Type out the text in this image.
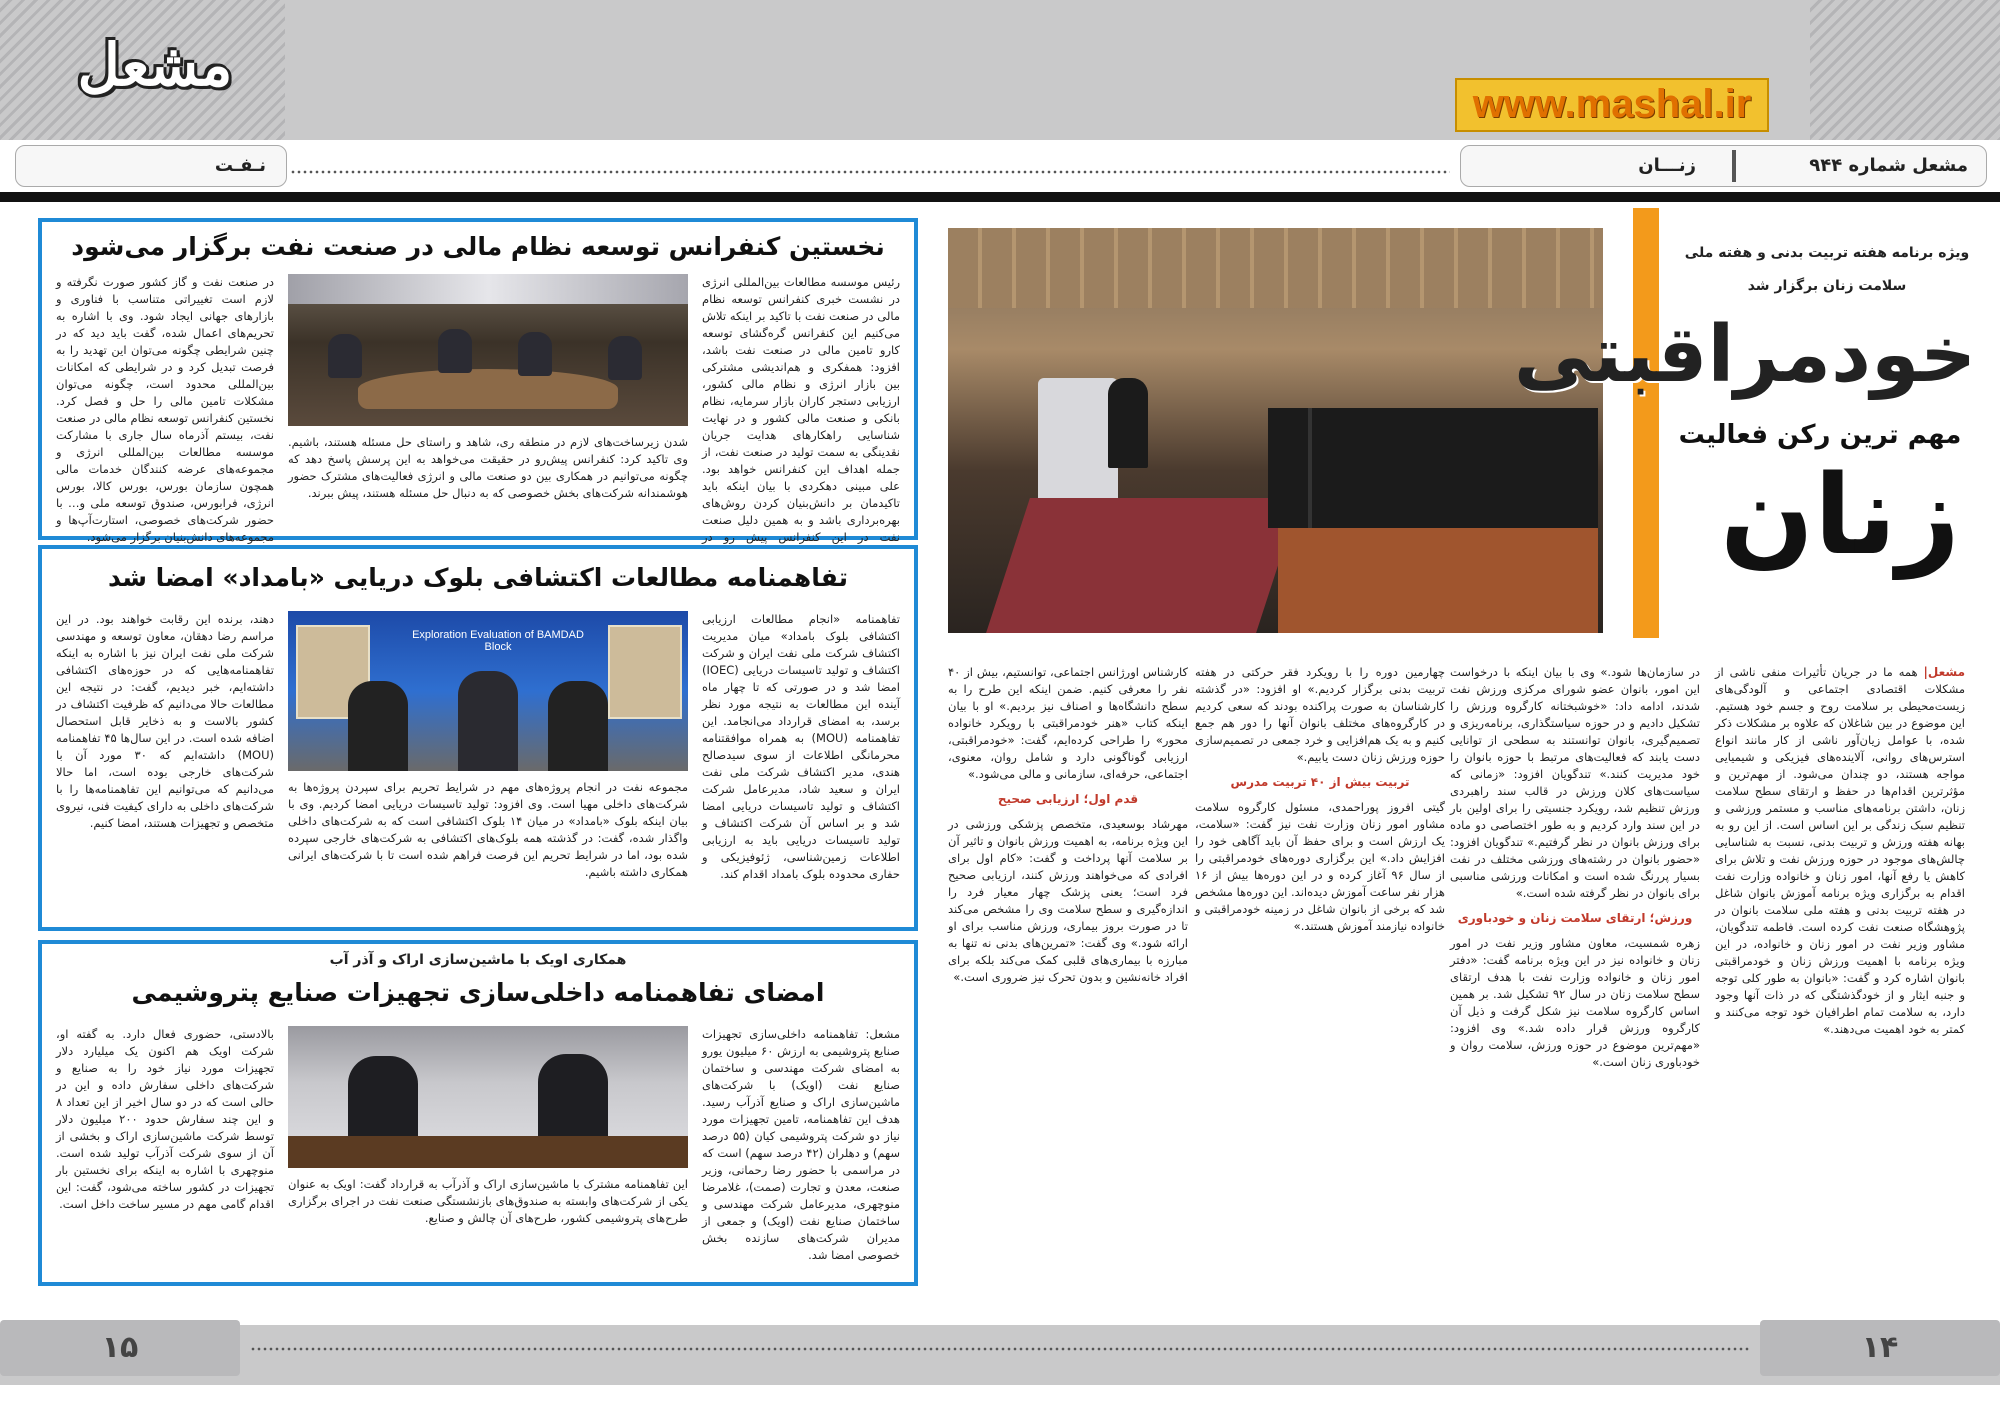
مشعل
www.mashal.ir
مشعل شماره ۹۴۴
زنـــان
نـفـت
نخستین کنفرانس توسعه نظام مالی در صنعت نفت برگزار می‌شود
رئیس موسسه مطالعات بین‌المللی انرژی در نشست خبری کنفرانس توسعه نظام مالی در صنعت نفت با تاکید بر اینکه تلاش می‌کنیم این کنفرانس گره‌گشای توسعه کارو تامین مالی در صنعت نفت باشد، افزود: همفکری و هم‌اندیشی مشترکی بین بازار انرژی و نظام مالی کشور، ارزیابی دستجر کاران بازار سرمایه، نظام بانکی و صنعت مالی کشور و در نهایت شناسایی راهکارهای هدایت جریان نقدینگی به سمت تولید در صنعت نفت، از جمله اهداف این کنفرانس خواهد بود. علی مبینی دهکردی با بیان اینکه باید تاکیدمان بر دانش‌بنیان کردن روش‌های بهره‌برداری باشد و به همین دلیل صنعت نفت در این کنفرانس پیش رو در
شدن زیرساخت‌های لازم در منطقه ری، شاهد و راستای حل مسئله هستند، باشیم. وی تاکید کرد: کنفرانس پیش‌رو در حقیقت می‌خواهد به این پرسش پاسخ دهد که چگونه می‌توانیم در همکاری بین دو صنعت مالی و انرژی فعالیت‌های مشترک حضور هوشمندانه شرکت‌های بخش خصوصی که به دنبال حل مسئله هستند، پیش ببرند.
در صنعت نفت و گاز کشور صورت نگرفته و لازم است تغییراتی متناسب با فناوری و بازارهای جهانی ایجاد شود. وی با اشاره به تحریم‌های اعمال شده، گفت باید دید که در چنین شرایطی چگونه می‌توان این تهدید را به فرصت تبدیل کرد و در شرایطی که امکانات بین‌المللی محدود است، چگونه می‌توان مشکلات تامین مالی را حل و فصل کرد. نخستین کنفرانس توسعه نظام مالی در صنعت نفت، بیستم آذرماه سال جاری با مشارکت موسسه مطالعات بین‌المللی انرژی و مجموعه‌های عرضه کنندگان خدمات مالی همچون سازمان بورس، بورس کالا، بورس انرژی، فرابورس، صندوق توسعه ملی و… با حضور شرکت‌های خصوصی، استارت‌آپ‌ها و مجموعه‌های دانش‌بنیان برگزار می‌شود.
تفاهمنامه مطالعات اکتشافی بلوک دریایی «بامداد» امضا شد
تفاهمنامه «انجام مطالعات ارزیابی اکتشافی بلوک بامداد» میان مدیریت اکتشاف شرکت ملی نفت ایران و شرکت اکتشاف و تولید تاسیسات دریایی (IOEC) امضا شد و در صورتی که تا چهار ماه آینده این مطالعات به نتیجه مورد نظر برسد، به امضای قرارداد می‌انجامد. این تفاهمنامه (MOU) به همراه موافقتنامه محرمانگی اطلاعات از سوی سیدصالح هندی، مدیر اکتشاف شرکت ملی نفت ایران و سعید شاد، مدیرعامل شرکت اکتشاف و تولید تاسیسات دریایی امضا شد و بر اساس آن شرکت اکتشاف و تولید تاسیسات دریایی باید به ارزیابی اطلاعات زمین‌شناسی، ژئوفیزیکی و حفاری محدوده بلوک بامداد اقدام کند.
Exploration Evaluation of BAMDAD Block
مجموعه نفت در انجام پروژه‌های مهم در شرایط تحریم برای سپردن پروژه‌ها به شرکت‌های داخلی مهیا است. وی افزود: تولید تاسیسات دریایی امضا کردیم. وی با بیان اینکه بلوک «بامداد» در میان ۱۴ بلوک اکتشافی است که به شرکت‌های داخلی واگذار شده، گفت: در گذشته همه بلوک‌های اکتشافی به شرکت‌های خارجی سپرده شده بود، اما در شرایط تحریم این فرصت فراهم شده است تا با شرکت‌های ایرانی همکاری داشته باشیم.
دهند، برنده این رقابت خواهند بود. در این مراسم رضا دهقان، معاون توسعه و مهندسی شرکت ملی نفت ایران نیز با اشاره به اینکه تفاهمنامه‌هایی که در حوزه‌های اکتشافی داشته‌ایم، خبر دیدیم، گفت: در نتیجه این مطالعات حالا می‌دانیم که ظرفیت اکتشاف در کشور بالاست و به ذخایر قابل استحصال اضافه شده است. در این سال‌ها ۴۵ تفاهمنامه (MOU) داشته‌ایم که ۳۰ مورد آن با شرکت‌های خارجی بوده است، اما حالا می‌دانیم که می‌توانیم این تفاهمنامه‌ها را با شرکت‌های داخلی به دارای کیفیت فنی، نیروی متخصص و تجهیزات هستند، امضا کنیم.
همکاری اویک با ماشین‌سازی اراک و آذر آب
امضای تفاهمنامه داخلی‌سازی تجهیزات صنایع پتروشیمی
مشعل: تفاهمنامه داخلی‌سازی تجهیزات صنایع پتروشیمی به ارزش ۶۰ میلیون یورو به امضای شرکت مهندسی و ساختمان صنایع نفت (اویک) با شرکت‌های ماشین‌سازی اراک و صنایع آذرآب رسید. هدف این تفاهمنامه، تامین تجهیزات مورد نیاز دو شرکت پتروشیمی کیان (۵۵ درصد سهم) و دهلران (۴۲ درصد سهم) است که در مراسمی با حضور رضا رحمانی، وزیر صنعت، معدن و تجارت (صمت)، غلامرضا منوچهری، مدیرعامل شرکت مهندسی و ساختمان صنایع نفت (اویک) و جمعی از مدیران شرکت‌های سازنده بخش خصوصی امضا شد.
این تفاهمنامه مشترک با ماشین‌سازی اراک و آذرآب به قرارداد گفت: اویک به عنوان یکی از شرکت‌های وابسته به صندوق‌های بازنشستگی صنعت نفت در اجرای برگزاری طرح‌های پتروشیمی کشور، طرح‌های آن چالش و صنایع.
بالادستی، حضوری فعال دارد. به گفته او، شرکت اویک هم اکنون یک میلیارد دلار تجهیزات مورد نیاز خود را به صنایع و شرکت‌های داخلی سفارش داده و این در حالی است که در دو سال اخیر از این تعداد ۸ و این چند سفارش حدود ۲۰۰ میلیون دلار توسط شرکت ماشین‌سازی اراک و بخشی از آن از سوی شرکت آذرآب تولید شده است. منوچهری با اشاره به اینکه برای نخستین بار تجهیزات در کشور ساخته می‌شود، گفت: این اقدام گامی مهم در مسیر ساخت داخل است.
ویژه برنامه هفته تربیت بدنی و هفته ملی
سلامت زنان برگزار شد
خودمراقبتی
مهم ترین رکن فعالیت
زنان
مشعل| همه ما در جریان تأثیرات منفی ناشی از مشکلات اقتصادی اجتماعی و آلودگی‌های زیست‌محیطی بر سلامت روح و جسم خود هستیم. این موضوع در بین شاغلان که علاوه بر مشکلات ذکر شده، با عوامل زیان‌آور ناشی از کار مانند انواع استرس‌های روانی، آلاینده‌های فیزیکی و شیمیایی مواجه هستند، دو چندان می‌شود. از مهم‌ترین و مؤثرترین اقدام‌ها در حفظ و ارتقای سطح سلامت زنان، داشتن برنامه‌های مناسب و مستمر ورزشی و تنظیم سبک زندگی بر این اساس است. از این رو به بهانه هفته ورزش و تربیت بدنی، نسبت به شناسایی چالش‌های موجود در حوزه ورزش نفت و تلاش برای کاهش یا رفع آنها، امور زنان و خانواده وزارت نفت اقدام به برگزاری ویژه برنامه آموزش بانوان شاغل در هفته تربیت بدنی و هفته ملی سلامت بانوان در پژوهشگاه صنعت نفت کرده است. فاطمه تندگویان، مشاور وزیر نفت در امور زنان و خانواده، در این ویژه برنامه با اهمیت ورزش زنان و خودمراقبتی بانوان اشاره کرد و گفت: «بانوان به طور کلی توجه و جنبه ایثار و از خودگذشتگی که در ذات آنها وجود دارد، به سلامت تمام اطرافیان خود توجه می‌کنند و کمتر به خود اهمیت می‌دهند.»

در سازمان‌ها شود.» وی با بیان اینکه با درخواست این امور، بانوان عضو شورای مرکزی ورزش نفت شدند، ادامه داد: «خوشبختانه کارگروه ورزش را تشکیل دادیم و در حوزه سیاستگذاری، برنامه‌ریزی و تصمیم‌گیری، بانوان توانستند به سطحی از توانایی دست یابند که فعالیت‌های مرتبط با حوزه بانوان را خود مدیریت کنند.» تندگویان افزود: «زمانی که سیاست‌های کلان ورزش در قالب سند راهبردی ورزش تنظیم شد، رویکرد جنسیتی را برای اولین بار در این سند وارد کردیم و به طور اختصاصی دو ماده برای ورزش بانوان در نظر گرفتیم.» تندگویان افزود: «حضور بانوان در رشته‌های ورزشی مختلف در نفت بسیار پررنگ شده است و امکانات ورزشی مناسبی برای بانوان در نظر گرفته شده است.»

ورزش؛ ارتقای سلامت زنان و خودباوری

زهره شمسیت، معاون مشاور وزیر نفت در امور زنان و خانواده نیز در این ویژه برنامه گفت: «دفتر امور زنان و خانواده وزارت نفت با هدف ارتقای سطح سلامت زنان در سال ۹۲ تشکیل شد. بر همین اساس کارگروه سلامت نیز شکل گرفت و ذیل آن کارگروه ورزش قرار داده شد.» وی افزود: «مهم‌ترین موضوع در حوزه ورزش، سلامت روان و خودباوری زنان است.»

چهارمین دوره را با رویکرد فقر حرکتی در هفته تربیت بدنی برگزار کردیم.» او افزود: «در گذشته کارشناسان به صورت پراکنده بودند که سعی کردیم در کارگروه‌های مختلف بانوان آنها را دور هم جمع کنیم و به یک هم‌افزایی و خرد جمعی در تصمیم‌سازی حوزه ورزش زنان دست یابیم.»

تربیت بیش از ۴۰ تربیت مدرس

گیتی افروز پوراحمدی، مسئول کارگروه سلامت مشاور امور زنان وزارت نفت نیز گفت: «سلامت، یک ارزش است و برای حفظ آن باید آگاهی خود را افزایش داد.» این برگزاری دوره‌های خودمراقبتی را از سال ۹۶ آغاز کرده و در این دوره‌ها بیش از ۱۶ هزار نفر ساعت آموزش دیده‌اند. این دوره‌ها مشخص شد که برخی از بانوان شاغل در زمینه خودمراقبتی و خانواده نیازمند آموزش هستند.»

کارشناس اورژانس اجتماعی، توانستیم، بیش از ۴۰ نفر را معرفی کنیم. ضمن اینکه این طرح را به سطح دانشگاه‌ها و اصناف نیز بردیم.» او با بیان اینکه کتاب «هنر خودمراقبتی با رویکرد خانواده محور» را طراحی کرده‌ایم، گفت: «خودمراقبتی، ارزیابی گوناگونی دارد و شامل روان، معنوی، اجتماعی، حرفه‌ای، سازمانی و مالی می‌شود.»

قدم اول؛ ارزیابی صحیح

مهرشاد بوسعیدی، متخصص پزشکی ورزشی در این ویژه برنامه، به اهمیت ورزش بانوان و تاثیر آن بر سلامت آنها پرداخت و گفت: «کام اول برای افرادی که می‌خواهند ورزش کنند، ارزیابی صحیح فرد است؛ یعنی پزشک چهار معیار فرد را اندازه‌گیری و سطح سلامت وی را مشخص می‌کند تا در صورت بروز بیماری، ورزش مناسب برای او ارائه شود.» وی گفت: «تمرین‌های بدنی نه تنها به مبارزه با بیماری‌های قلبی کمک می‌کند بلکه برای افراد خانه‌نشین و بدون تحرک نیز ضروری است.»

۱۴
۱۵
